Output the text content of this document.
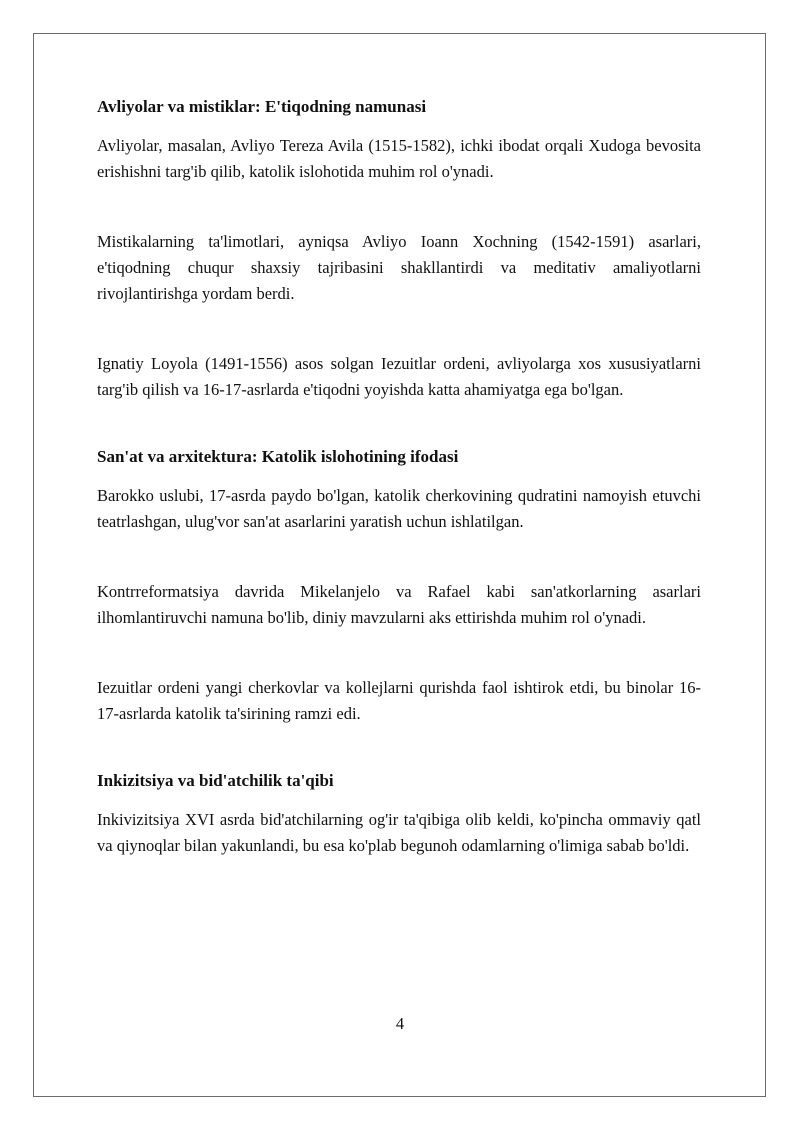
Avliyolar va mistiklar: E'tiqodning namunasi

Avliyolar, masalan, Avliyo Tereza Avila (1515-1582), ichki ibodat orqali Xudoga bevosita erishishni targ'ib qilib, katolik islohotida muhim rol o'ynadi.

Mistikalarning ta'limotlari, ayniqsa Avliyo Ioann Xochning (1542-1591) asarlari, e'tiqodning chuqur shaxsiy tajribasini shakllantirdi va meditativ amaliyotlarni rivojlantirishga yordam berdi.

Ignatiy Loyola (1491-1556) asos solgan Iezuitlar ordeni, avliyolarga xos xususiyatlarni targ'ib qilish va 16-17-asrlarda e'tiqodni yoyishda katta ahamiyatga ega bo'lgan.

San'at va arxitektura: Katolik islohotining ifodasi

Barokko uslubi, 17-asrda paydo bo'lgan, katolik cherkovining qudratini namoyish etuvchi teatrlashgan, ulug'vor san'at asarlarini yaratish uchun ishlatilgan.

Kontrreformatsiya davrida Mikelanjelo va Rafael kabi san'atkorlarning asarlari ilhomlantiruvchi namuna bo'lib, diniy mavzularni aks ettirishda muhim rol o'ynadi.

Iezuitlar ordeni yangi cherkovlar va kollejlarni qurishda faol ishtirok etdi, bu binolar 16-17-asrlarda katolik ta'sirining ramzi edi.

Inkizitsiya va bid'atchilik ta'qibi

Inkivizitsiya XVI asrda bid'atchilarning og'ir ta'qibiga olib keldi, ko'pincha ommaviy qatl va qiynoqlar bilan yakunlandi, bu esa ko'plab begunoh odamlarning o'limiga sabab bo'ldi.

4
